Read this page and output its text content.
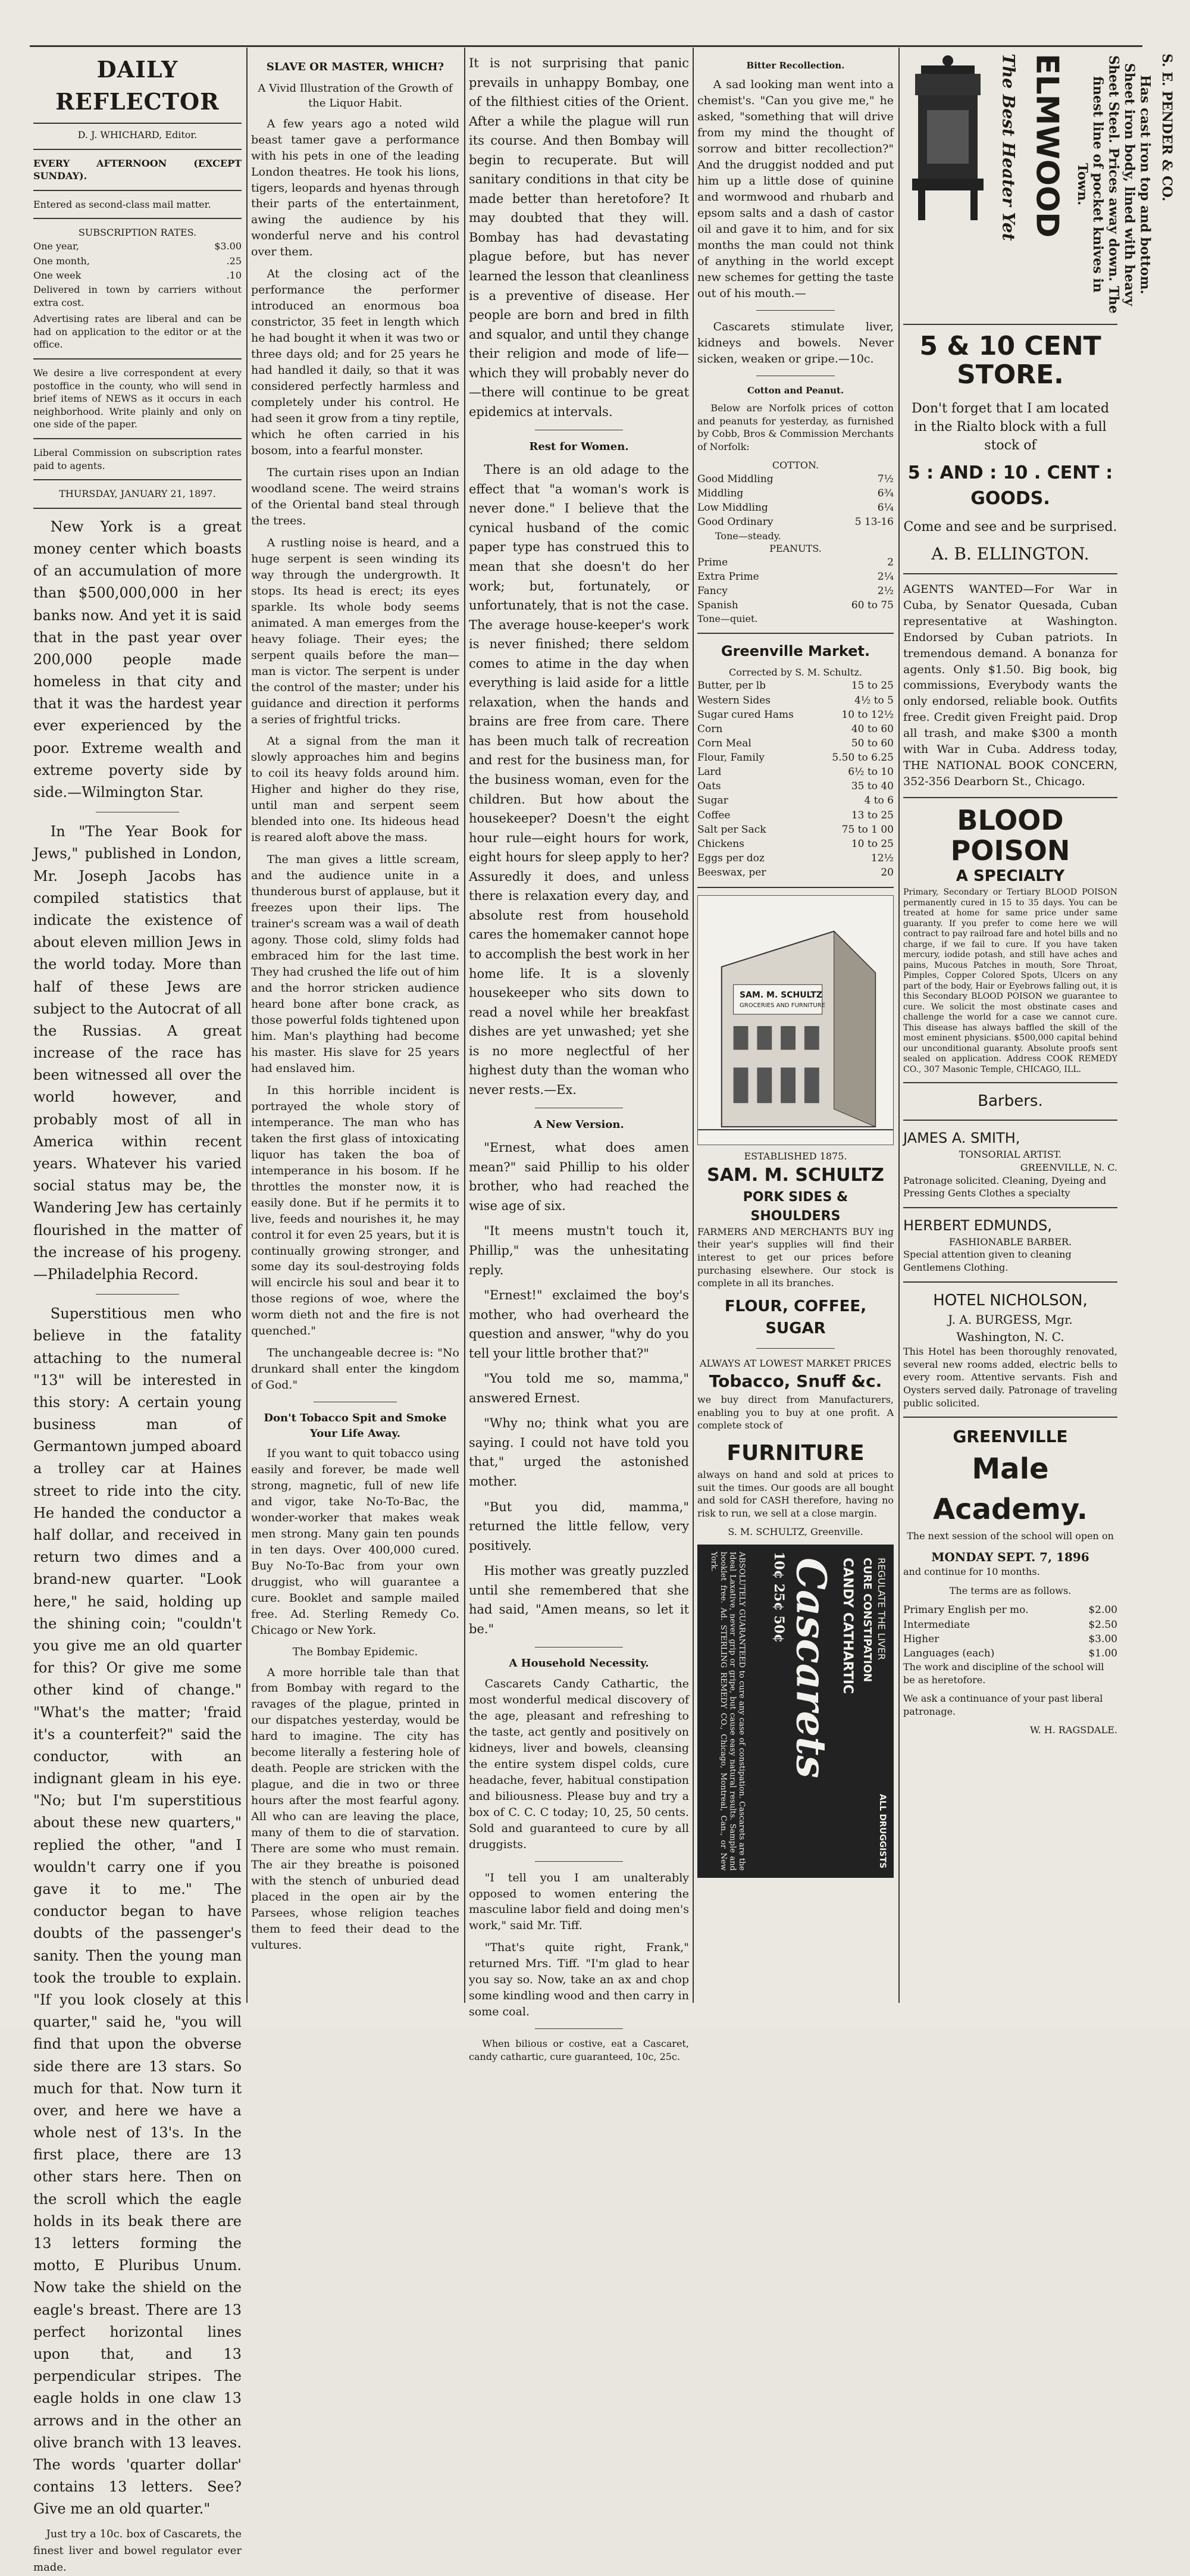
DAILY REFLECTOR
D. J. WHICHARD, Editor.
EVERY AFTERNOON (EXCEPT SUNDAY).
Entered as second-class mail matter.
SUBSCRIPTION RATES.
One year,	$3.00
One month,	.25
One week	.10
Delivered in town by carriers without extra cost.
Advertising rates are liberal and can be had on application to the editor or at the office.
We desire a live correspondent at every postoffice in the county, who will send in brief items of NEWS as it occurs in each neighborhood. Write plainly and only on one side of the paper.
Liberal Commission on subscription rates paid to agents.
THURSDAY, JANUARY 21, 1897.

New York is a great money center which boasts of an accumulation of more than $500,000,000 in her banks now. And yet it is said that in the past year over 200,000 people made homeless in that city and that it was the hardest year ever experienced by the poor. Extreme wealth and extreme poverty side by side.—Wilmington Star.

In "The Year Book for Jews," published in London, Mr. Joseph Jacobs has compiled statistics that indicate the existence of about eleven million Jews in the world today. More than half of these Jews are subject to the Autocrat of all the Russias. A great increase of the race has been witnessed all over the world however, and probably most of all in America within recent years. Whatever his varied social status may be, the Wandering Jew has certainly flourished in the matter of the increase of his progeny.—Philadelphia Record.

Superstitious men who believe in the fatality attaching to the numeral "13" will be interested in this story: A certain young business man of Germantown jumped aboard a trolley car at Haines street to ride into the city. He handed the conductor a half dollar, and received in return two dimes and a brand-new quarter. "Look here," he said, holding up the shining coin; "couldn't you give me an old quarter for this? Or give me some other kind of change." "What's the matter; 'fraid it's a counterfeit?" said the conductor, with an indignant gleam in his eye. "No; but I'm superstitious about these new quarters," replied the other, "and I wouldn't carry one if you gave it to me." The conductor began to have doubts of the passenger's sanity. Then the young man took the trouble to explain. "If you look closely at this quarter," said he, "you will find that upon the obverse side there are 13 stars. So much for that. Now turn it over, and here we have a whole nest of 13's. In the first place, there are 13 other stars here. Then on the scroll which the eagle holds in its beak there are 13 letters forming the motto, E Pluribus Unum. Now take the shield on the eagle's breast. There are 13 perfect horizontal lines upon that, and 13 perpendicular stripes. The eagle holds in one claw 13 arrows and in the other an olive branch with 13 leaves. The words 'quarter dollar' contains 13 letters. See? Give me an old quarter."

Just try a 10c. box of Cascarets, the finest liver and bowel regulator ever made.

SLAVE OR MASTER, WHICH?
A Vivid Illustration of the Growth of the Liquor Habit.

A few years ago a noted wild beast tamer gave a performance with his pets in one of the leading London theatres. He took his lions, tigers, leopards and hyenas through their parts of the entertainment, awing the audience by his wonderful nerve and his control over them.

At the closing act of the performance the performer introduced an enormous boa constrictor, 35 feet in length which he had bought it when it was two or three days old; and for 25 years he had handled it daily, so that it was considered perfectly harmless and completely under his control. He had seen it grow from a tiny reptile, which he often carried in his bosom, into a fearful monster.

The curtain rises upon an Indian woodland scene. The weird strains of the Oriental band steal through the trees.

A rustling noise is heard, and a huge serpent is seen winding its way through the undergrowth. It stops. Its head is erect; its eyes sparkle. Its whole body seems animated. A man emerges from the heavy foliage. Their eyes; the serpent quails before the man—man is victor. The serpent is under the control of the master; under his guidance and direction it performs a series of frightful tricks.

At a signal from the man it slowly approaches him and begins to coil its heavy folds around him. Higher and higher do they rise, until man and serpent seem blended into one. Its hideous head is reared aloft above the mass.

The man gives a little scream, and the audience unite in a thunderous burst of applause, but it freezes upon their lips. The trainer's scream was a wail of death agony. Those cold, slimy folds had embraced him for the last time. They had crushed the life out of him and the horror stricken audience heard bone after bone crack, as those powerful folds tightened upon him. Man's plaything had become his master. His slave for 25 years had enslaved him.

In this horrible incident is portrayed the whole story of intemperance. The man who has taken the first glass of intoxicating liquor has taken the boa of intemperance in his bosom. If he throttles the monster now, it is easily done. But if he permits it to live, feeds and nourishes it, he may control it for even 25 years, but it is continually growing stronger, and some day its soul-destroying folds will encircle his soul and bear it to those regions of woe, where the worm dieth not and the fire is not quenched."

The unchangeable decree is: "No drunkard shall enter the kingdom of God."

Don't Tobacco Spit and Smoke Your Life Away.

If you want to quit tobacco using easily and forever, be made well strong, magnetic, full of new life and vigor, take No-To-Bac, the wonder-worker that makes weak men strong. Many gain ten pounds in ten days. Over 400,000 cured. Buy No-To-Bac from your own druggist, who will guarantee a cure. Booklet and sample mailed free. Ad. Sterling Remedy Co. Chicago or New York.

The Bombay Epidemic.

A more horrible tale than that from Bombay with regard to the ravages of the plague, printed in our dispatches yesterday, would be hard to imagine. The city has become literally a festering hole of death. People are stricken with the plague, and die in two or three hours after the most fearful agony. All who can are leaving the place, many of them to die of starvation. There are some who must remain. The air they breathe is poisoned with the stench of unburied dead placed in the open air by the Parsees, whose religion teaches them to feed their dead to the vultures.

It is not surprising that panic prevails in unhappy Bombay, one of the filthiest cities of the Orient. After a while the plague will run its course. And then Bombay will begin to recuperate. But will sanitary conditions in that city be made better than heretofore? It may doubted that they will. Bombay has had devastating plague before, but has never learned the lesson that cleanliness is a preventive of disease. Her people are born and bred in filth and squalor, and until they change their religion and mode of life—which they will probably never do—there will continue to be great epidemics at intervals.

Rest for Women.

There is an old adage to the effect that "a woman's work is never done." I believe that the cynical husband of the comic paper type has construed this to mean that she doesn't do her work; but, fortunately, or unfortunately, that is not the case. The average house-keeper's work is never finished; there seldom comes to atime in the day when everything is laid aside for a little relaxation, when the hands and brains are free from care. There has been much talk of recreation and rest for the business man, for the business woman, even for the children. But how about the housekeeper? Doesn't the eight hour rule—eight hours for work, eight hours for sleep apply to her? Assuredly it does, and unless there is relaxation every day, and absolute rest from household cares the homemaker cannot hope to accomplish the best work in her home life. It is a slovenly housekeeper who sits down to read a novel while her breakfast dishes are yet unwashed; yet she is no more neglectful of her highest duty than the woman who never rests.—Ex.

A New Version.

"Ernest, what does amen mean?" said Phillip to his older brother, who had reached the wise age of six.

"It meens mustn't touch it, Phillip," was the unhesitating reply.

"Ernest!" exclaimed the boy's mother, who had overheard the question and answer, "why do you tell your little brother that?"

"You told me so, mamma," answered Ernest.

"Why no; think what you are saying. I could not have told you that," urged the astonished mother.

"But you did, mamma," returned the little fellow, very positively.

His mother was greatly puzzled until she remembered that she had said, "Amen means, so let it be."

A Household Necessity.

Cascarets Candy Cathartic, the most wonderful medical discovery of the age, pleasant and refreshing to the taste, act gently and positively on kidneys, liver and bowels, cleansing the entire system dispel colds, cure headache, fever, habitual constipation and biliousness. Please buy and try a box of C. C. C today; 10, 25, 50 cents. Sold and guaranteed to cure by all druggists.

"I tell you I am unalterably opposed to women entering the masculine labor field and doing men's work," said Mr. Tiff.

"That's quite right, Frank," returned Mrs. Tiff. "I'm glad to hear you say so. Now, take an ax and chop some kindling wood and then carry in some coal.

When bilious or costive, eat a Cascaret, candy cathartic, cure guaranteed, 10c, 25c.

Bitter Recollection.

A sad looking man went into a chemist's. "Can you give me," he asked, "something that will drive from my mind the thought of sorrow and bitter recollection?" And the druggist nodded and put him up a little dose of quinine and wormwood and rhubarb and epsom salts and a dash of castor oil and gave it to him, and for six months the man could not think of anything in the world except new schemes for getting the taste out of his mouth.—

Cascarets stimulate liver, kidneys and bowels. Never sicken, weaken or gripe.—10c.

Cotton and Peanut.

Below are Norfolk prices of cotton and peanuts for yesterday, as furnished by Cobb, Bros & Commission Merchants of Norfolk:

COTTON.
Good Middling	7½
Middling	6¾
Low Middling	6¼
Good Ordinary	5 13-16
Tone—steady.
PEANUTS.
Prime	2
Extra Prime	2¼
Fancy	2½
Spanish	60 to 75
Tone—quiet.
Greenville Market.
Corrected by S. M. Schultz.
Butter, per lb	15 to 25
Western Sides	4½ to 5
Sugar cured Hams	10 to 12½
Corn	40 to 60
Corn Meal	50 to 60
Flour, Family	5.50 to 6.25
Lard	6½ to 10
Oats	35 to 40
Sugar	4 to 6
Coffee	13 to 25
Salt per Sack	75 to 1 00
Chickens	10 to 25
Eggs per doz	12½
Beeswax, per	20
SAM. M. SCHULTZ
GROCERIES AND FURNITURE
ESTABLISHED 1875.
SAM. M. SCHULTZ
PORK SIDES & SHOULDERS

FARMERS AND MERCHANTS BUY ing their year's supplies will find their interest to get our prices before purchasing elsewhere. Our stock is complete in all its branches.

FLOUR, COFFEE, SUGAR
ALWAYS AT LOWEST MARKET PRICES
Tobacco, Snuff &c.

we buy direct from Manufacturers, enabling you to buy at one profit. A complete stock of

FURNITURE

always on hand and sold at prices to suit the times. Our goods are all bought and sold for CASH therefore, having no risk to run, we sell at a close margin.

S. M. SCHULTZ, Greenville.
ABSOLUTELY GUARANTEED to cure any case of constipation. Cascarets are the Ideal Laxative, never grip or gripe, but cause easy natural results. Sample and booklet free. Ad. STERLING REMEDY CO., Chicago, Montreal, Can., or New York.	10¢ 25¢ 50¢ Cascarets CANDY CATHARTIC CURE CONSTIPATION REGULATE THE LIVER
ALL DRUGGISTS
The Best Heater Yet ELMWOOD	Has cast iron top and bottom. Sheet iron body, lined with heavy Sheet Steel. Prices away down. The finest line of pocket knives in Town.	S. E. PENDER & CO.
5 & 10 CENT STORE.
Don't forget that I am located in the Rialto block with a full
stock of
5 : AND : 10 . CENT : GOODS.
Come and see and be surprised.
A. B. ELLINGTON.

AGENTS WANTED—For War in Cuba, by Senator Quesada, Cuban representative at Washington. Endorsed by Cuban patriots. In tremendous demand. A bonanza for agents. Only $1.50. Big book, big commissions, Everybody wants the only endorsed, reliable book. Outfits free. Credit given Freight paid. Drop all trash, and make $300 a month with War in Cuba. Address today, THE NATIONAL BOOK CONCERN, 352-356 Dearborn St., Chicago.

BLOOD POISON
A SPECIALTY

Primary, Secondary or Tertiary BLOOD POISON permanently cured in 15 to 35 days. You can be treated at home for same price under same guaranty. If you prefer to come here we will contract to pay railroad fare and hotel bills and no charge, if we fail to cure. If you have taken mercury, iodide potash, and still have aches and pains, Mucous Patches in mouth, Sore Throat, Pimples, Copper Colored Spots, Ulcers on any part of the body, Hair or Eyebrows falling out, it is this Secondary BLOOD POISON we guarantee to cure. We solicit the most obstinate cases and challenge the world for a case we cannot cure. This disease has always baffled the skill of the most eminent physicians. $500,000 capital behind our unconditional guaranty. Absolute proofs sent sealed on application. Address COOK REMEDY CO., 307 Masonic Temple, CHICAGO, ILL.

Barbers.
JAMES A. SMITH,
TONSORIAL ARTIST.
GREENVILLE, N. C.

Patronage solicited. Cleaning, Dyeing and Pressing Gents Clothes a specialty

HERBERT EDMUNDS,
FASHIONABLE BARBER.

Special attention given to cleaning Gentlemens Clothing.

HOTEL NICHOLSON,
J. A. BURGESS, Mgr.
Washington, N. C.

This Hotel has been thoroughly renovated, several new rooms added, electric bells to every room. Attentive servants. Fish and Oysters served daily. Patronage of traveling public solicited.

GREENVILLE
Male Academy.

The next session of the school will open on

MONDAY SEPT. 7, 1896

and continue for 10 months.

The terms are as follows.

Primary English per mo.	$2.00
Intermediate	$2.50
Higher	$3.00
Languages (each)	$1.00

The work and discipline of the school will be as heretofore.

We ask a continuance of your past liberal patronage.

W. H. RAGSDALE.
